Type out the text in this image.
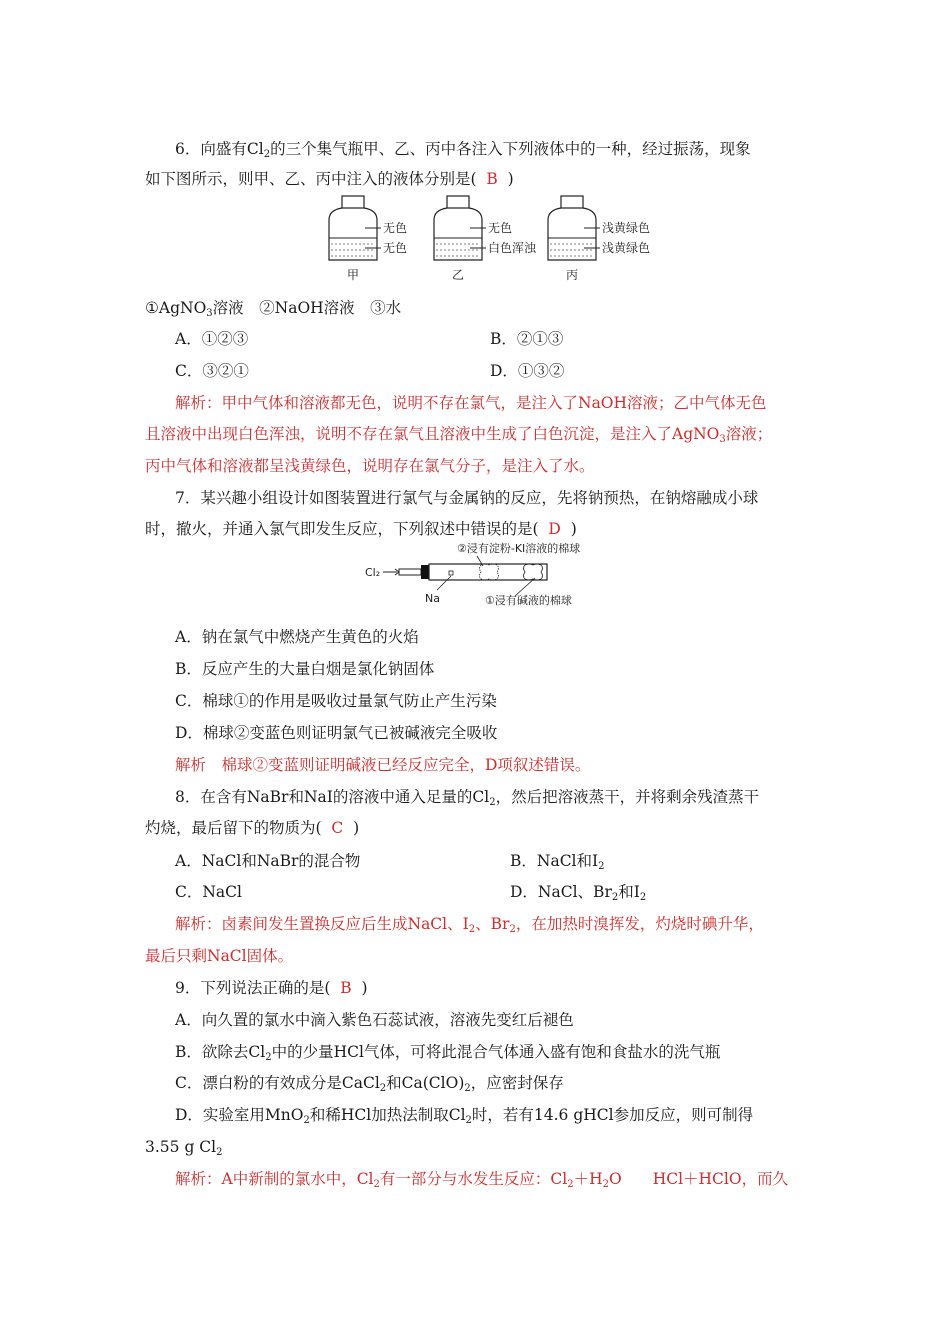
6．向盛有$Cl_2$的三个集气瓶甲、乙、丙中各注入下列液体中的一种，经过振荡，现象
如下图所示，则甲、乙、丙中注入的液体分别是( B )
无色
无色
甲
无色
白色浑浊
乙
浅黄绿色
浅黄绿色
丙
①AgNO$_3$溶液　②NaOH溶液　③水
A．①②③	B．②①③
C．③②①	D．①③②
解析：甲中气体和溶液都无色，说明不存在氯气，是注入了NaOH溶液；乙中气体无色
且溶液中出现白色浑浊，说明不存在氯气且溶液中生成了白色沉淀，是注入了AgNO$_3$溶液；
丙中气体和溶液都呈浅黄绿色，说明存在氯气分子，是注入了水。
7．某兴趣小组设计如图装置进行氯气与金属钠的反应，先将钠预热，在钠熔融成小球
时，撤火，并通入氯气即发生反应，下列叙述中错误的是( D )
②浸有淀粉-KI溶液的棉球
Cl₂
Na	①浸有碱液的棉球
A．钠在氯气中燃烧产生黄色的火焰
B．反应产生的大量白烟是氯化钠固体
C．棉球①的作用是吸收过量氯气防止产生污染
D．棉球②变蓝色则证明氯气已被碱液完全吸收
解析　棉球②变蓝则证明碱液已经反应完全，D项叙述错误。
8．在含有NaBr和NaI的溶液中通入足量的$Cl_2$，然后把溶液蒸干，并将剩余残渣蒸干
灼烧，最后留下的物质为( C )
A．NaCl和NaBr的混合物	B．NaCl和$I_2$
C．NaCl	D．NaCl、$Br_2$和$I_2$
解析：卤素间发生置换反应后生成NaCl、$I_2$、$Br_2$，在加热时溴挥发，灼烧时碘升华，
最后只剩NaCl固体。
9．下列说法正确的是( B )
A．向久置的氯水中滴入紫色石蕊试液，溶液先变红后褪色
B．欲除去$Cl_2$中的少量HCl气体，可将此混合气体通入盛有饱和食盐水的洗气瓶
C．漂白粉的有效成分是CaCl$_2$和$Ca(ClO)_2$，应密封保存
D．实验室用MnO$_2$和稀HCl加热法制取$Cl_2$时，若有14.6 gHCl参加反应，则可制得
3.55 g $Cl_2$
解析：A中新制的氯水中，$Cl_2$有一部分与水发生反应：$Cl_2+H_2O$　　HCl＋HClO，而久
